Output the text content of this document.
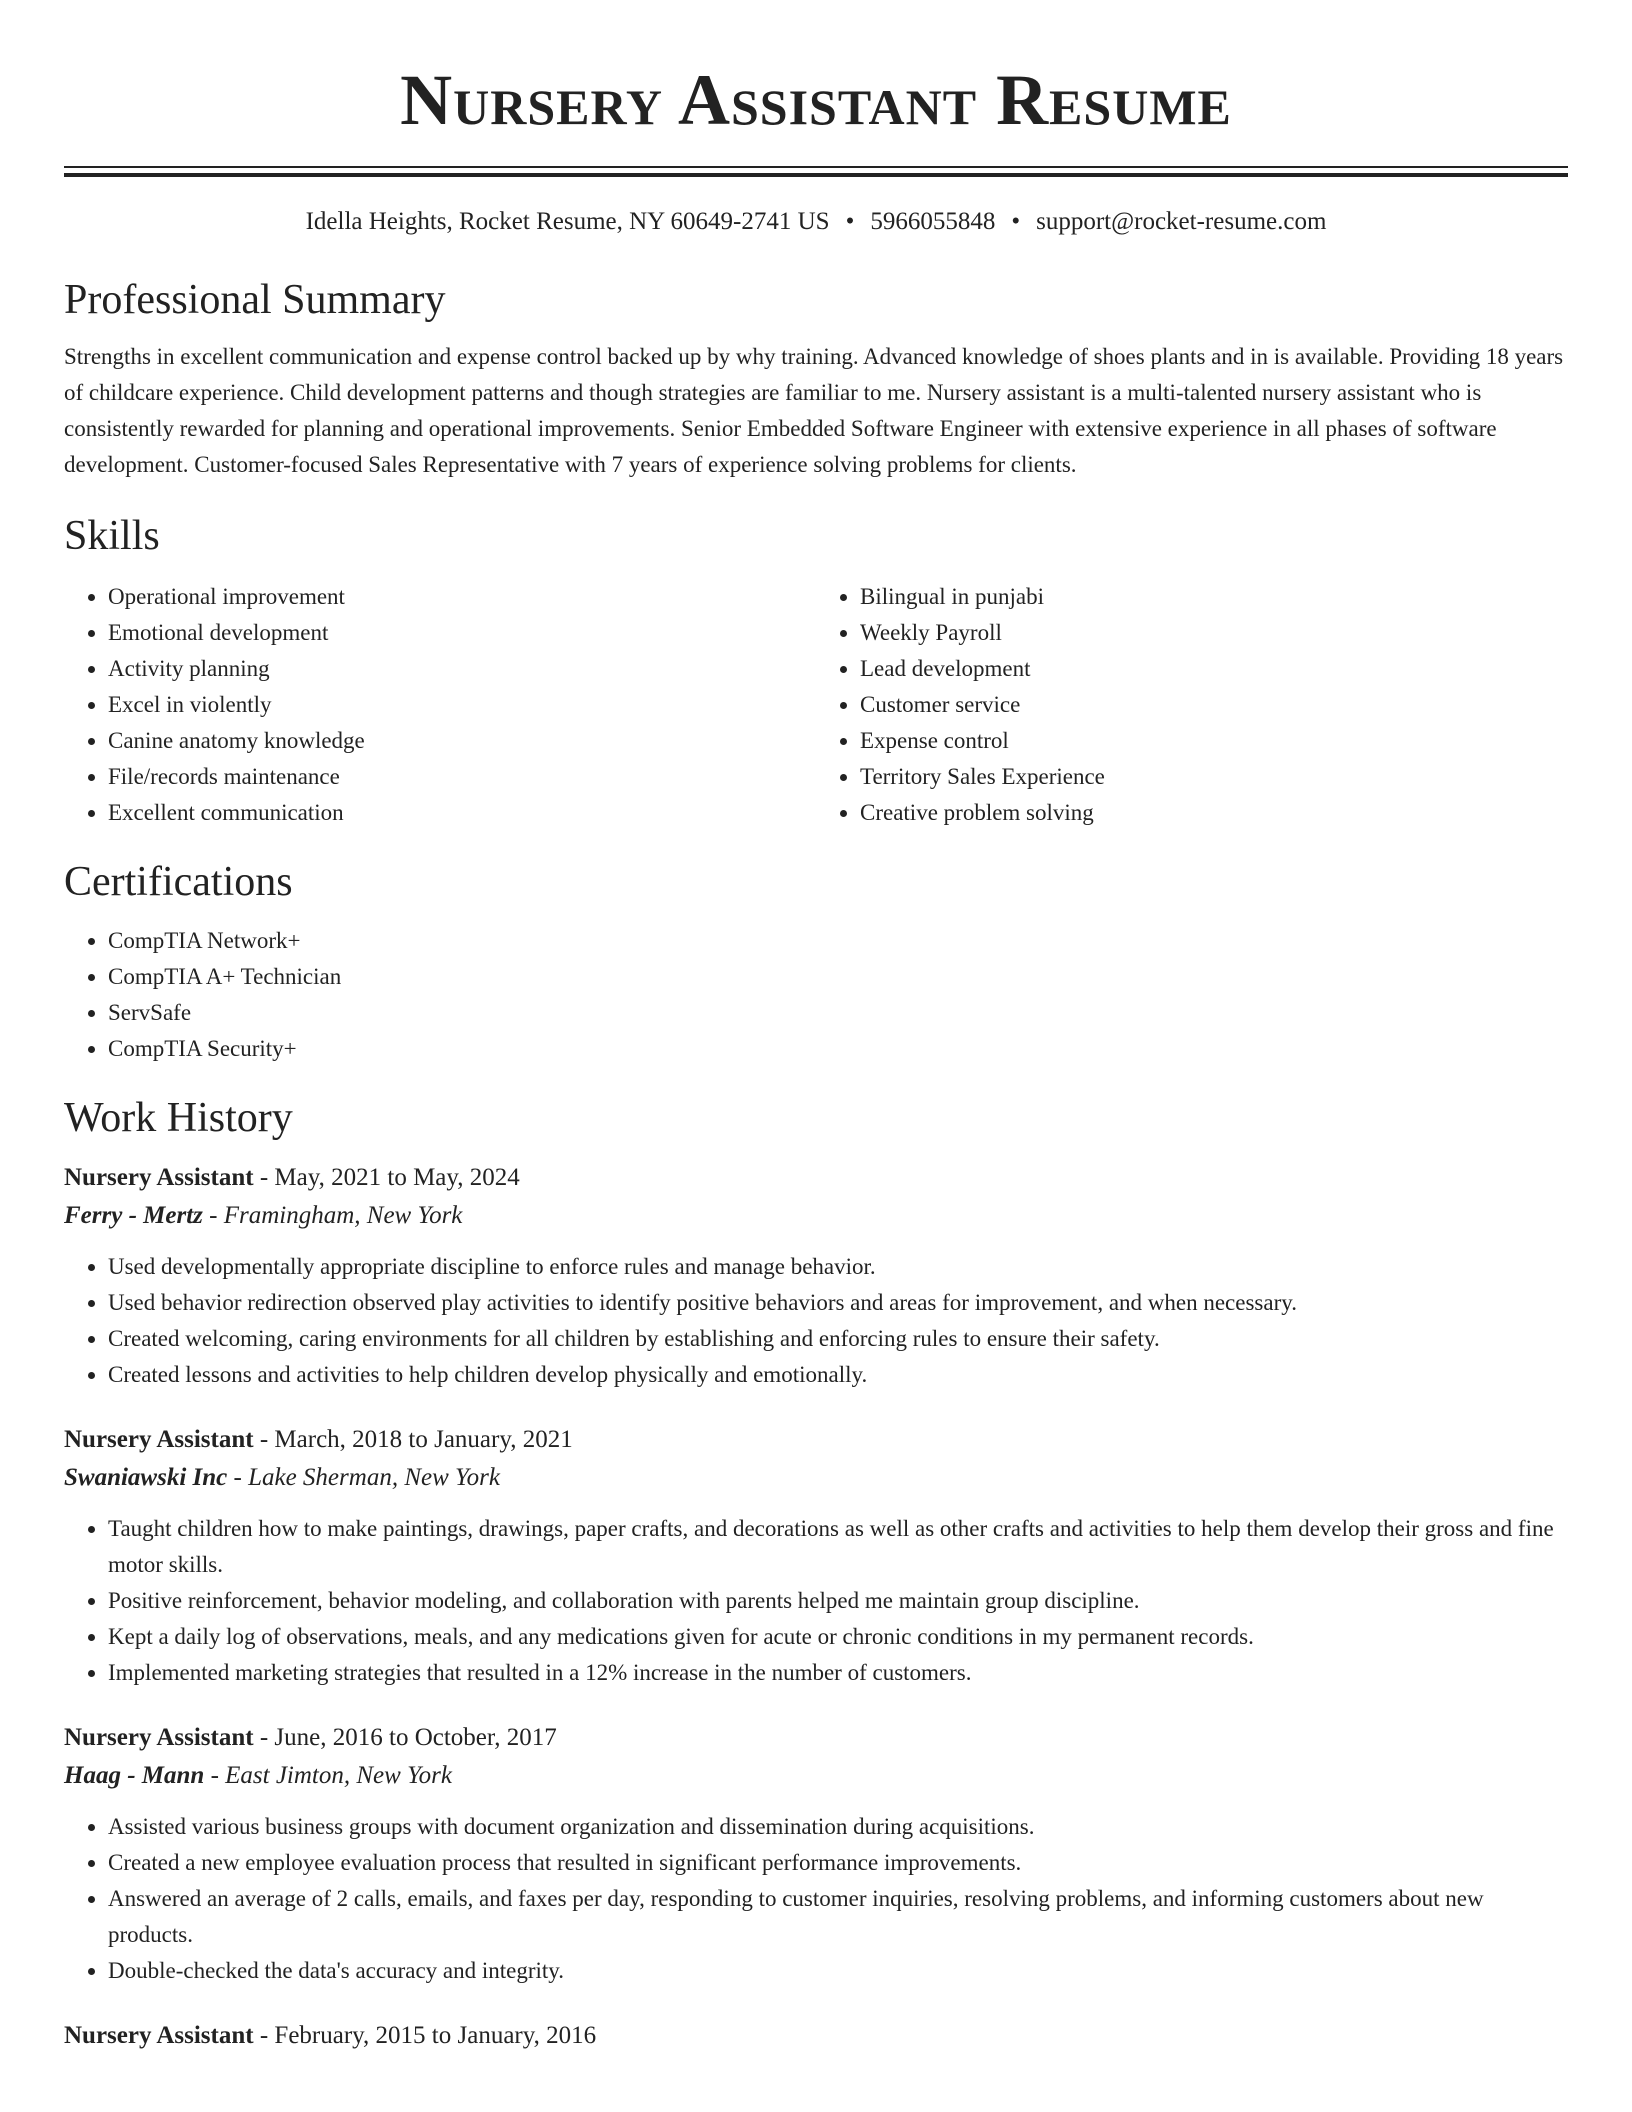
Nursery Assistant Resume
Idella Heights, Rocket Resume, NY 60649-2741 US • 5966055848 • support@rocket-resume.com
Professional Summary

Strengths in excellent communication and expense control backed up by why training. Advanced knowledge of shoes plants and in is available. Providing 18 years of childcare experience. Child development patterns and though strategies are familiar to me. Nursery assistant is a multi-talented nursery assistant who is consistently rewarded for planning and operational improvements. Senior Embedded Software Engineer with extensive experience in all phases of software development. Customer-focused Sales Representative with 7 years of experience solving problems for clients.

Skills
• Operational improvement
• Emotional development
• Activity planning
• Excel in violently
• Canine anatomy knowledge
• File/records maintenance
• Excellent communication
• Bilingual in punjabi
• Weekly Payroll
• Lead development
• Customer service
• Expense control
• Territory Sales Experience
• Creative problem solving
Certifications
• CompTIA Network+
• CompTIA A+ Technician
• ServSafe
• CompTIA Security+
Work History
Nursery Assistant - May, 2021 to May, 2024
Ferry - Mertz - Framingham, New York
• Used developmentally appropriate discipline to enforce rules and manage behavior.
• Used behavior redirection observed play activities to identify positive behaviors and areas for improvement, and when necessary.
• Created welcoming, caring environments for all children by establishing and enforcing rules to ensure their safety.
• Created lessons and activities to help children develop physically and emotionally.
Nursery Assistant - March, 2018 to January, 2021
Swaniawski Inc - Lake Sherman, New York
• Taught children how to make paintings, drawings, paper crafts, and decorations as well as other crafts and activities to help them develop their gross and fine motor skills.
• Positive reinforcement, behavior modeling, and collaboration with parents helped me maintain group discipline.
• Kept a daily log of observations, meals, and any medications given for acute or chronic conditions in my permanent records.
• Implemented marketing strategies that resulted in a 12% increase in the number of customers.
Nursery Assistant - June, 2016 to October, 2017
Haag - Mann - East Jimton, New York
• Assisted various business groups with document organization and dissemination during acquisitions.
• Created a new employee evaluation process that resulted in significant performance improvements.
• Answered an average of 2 calls, emails, and faxes per day, responding to customer inquiries, resolving problems, and informing customers about new products.
• Double-checked the data's accuracy and integrity.
Nursery Assistant - February, 2015 to January, 2016
